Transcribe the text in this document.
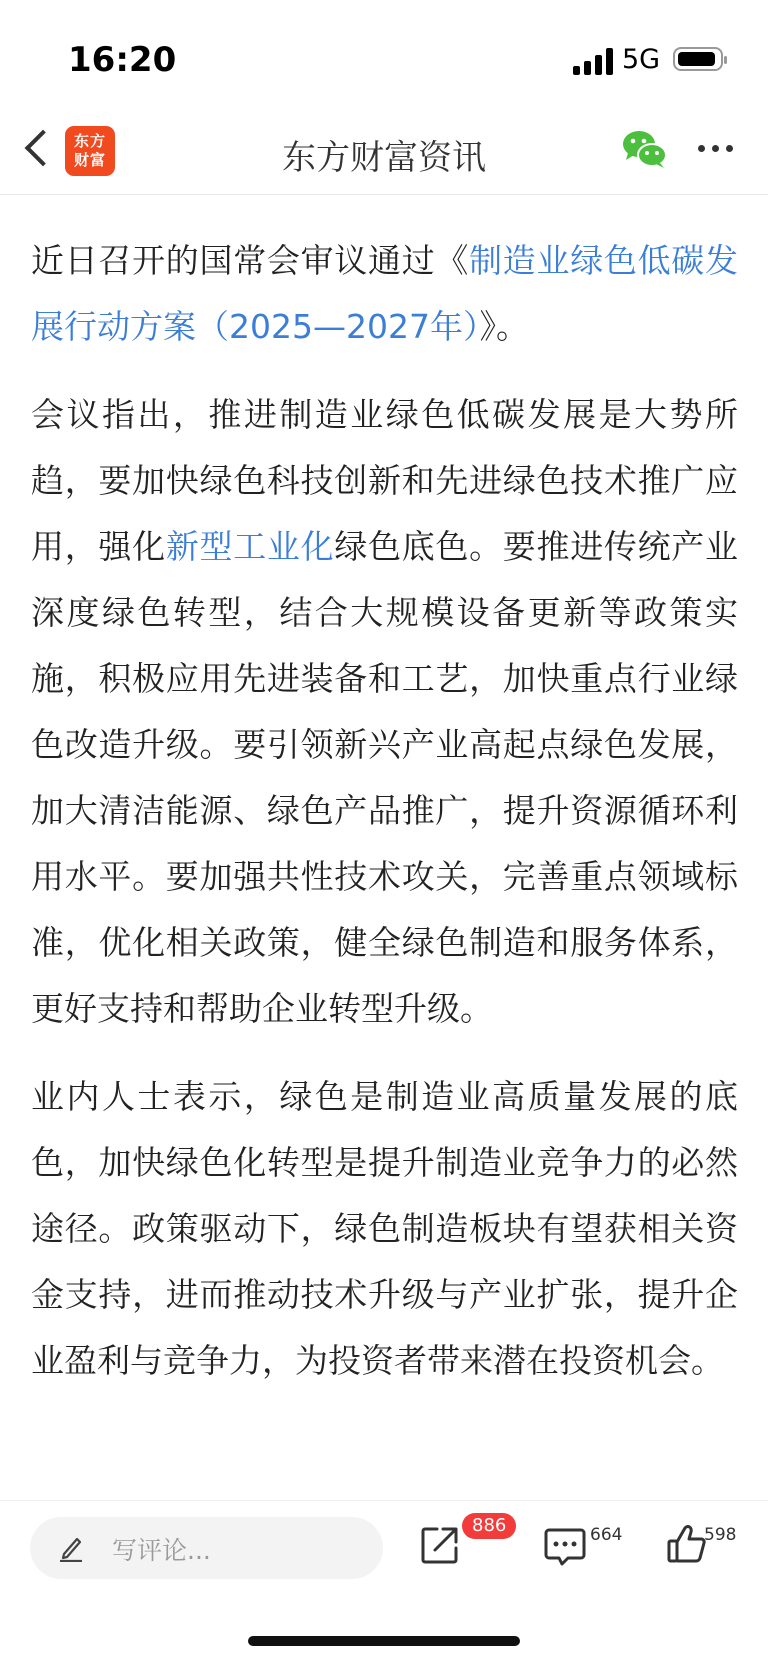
16:20	5G
东方
财富	东方财富资讯

近日召开的国常会审议通过《制造业绿色低碳发展行动方案（2025—2027年）》。

会议指出，推进制造业绿色低碳发展是大势所趋，要加快绿色科技创新和先进绿色技术推广应用，强化新型工业化绿色底色。要推进传统产业深度绿色转型，结合大规模设备更新等政策实施，积极应用先进装备和工艺，加快重点行业绿色改造升级。要引领新兴产业高起点绿色发展，加大清洁能源、绿色产品推广，提升资源循环利用水平。要加强共性技术攻关，完善重点领域标准，优化相关政策，健全绿色制造和服务体系，更好支持和帮助企业转型升级。

业内人士表示，绿色是制造业高质量发展的底色，加快绿色化转型是提升制造业竞争力的必然途径。政策驱动下，绿色制造板块有望获相关资金支持，进而推动技术升级与产业扩张，提升企业盈利与竞争力，为投资者带来潜在投资机会。

写评论...
886	664	598
